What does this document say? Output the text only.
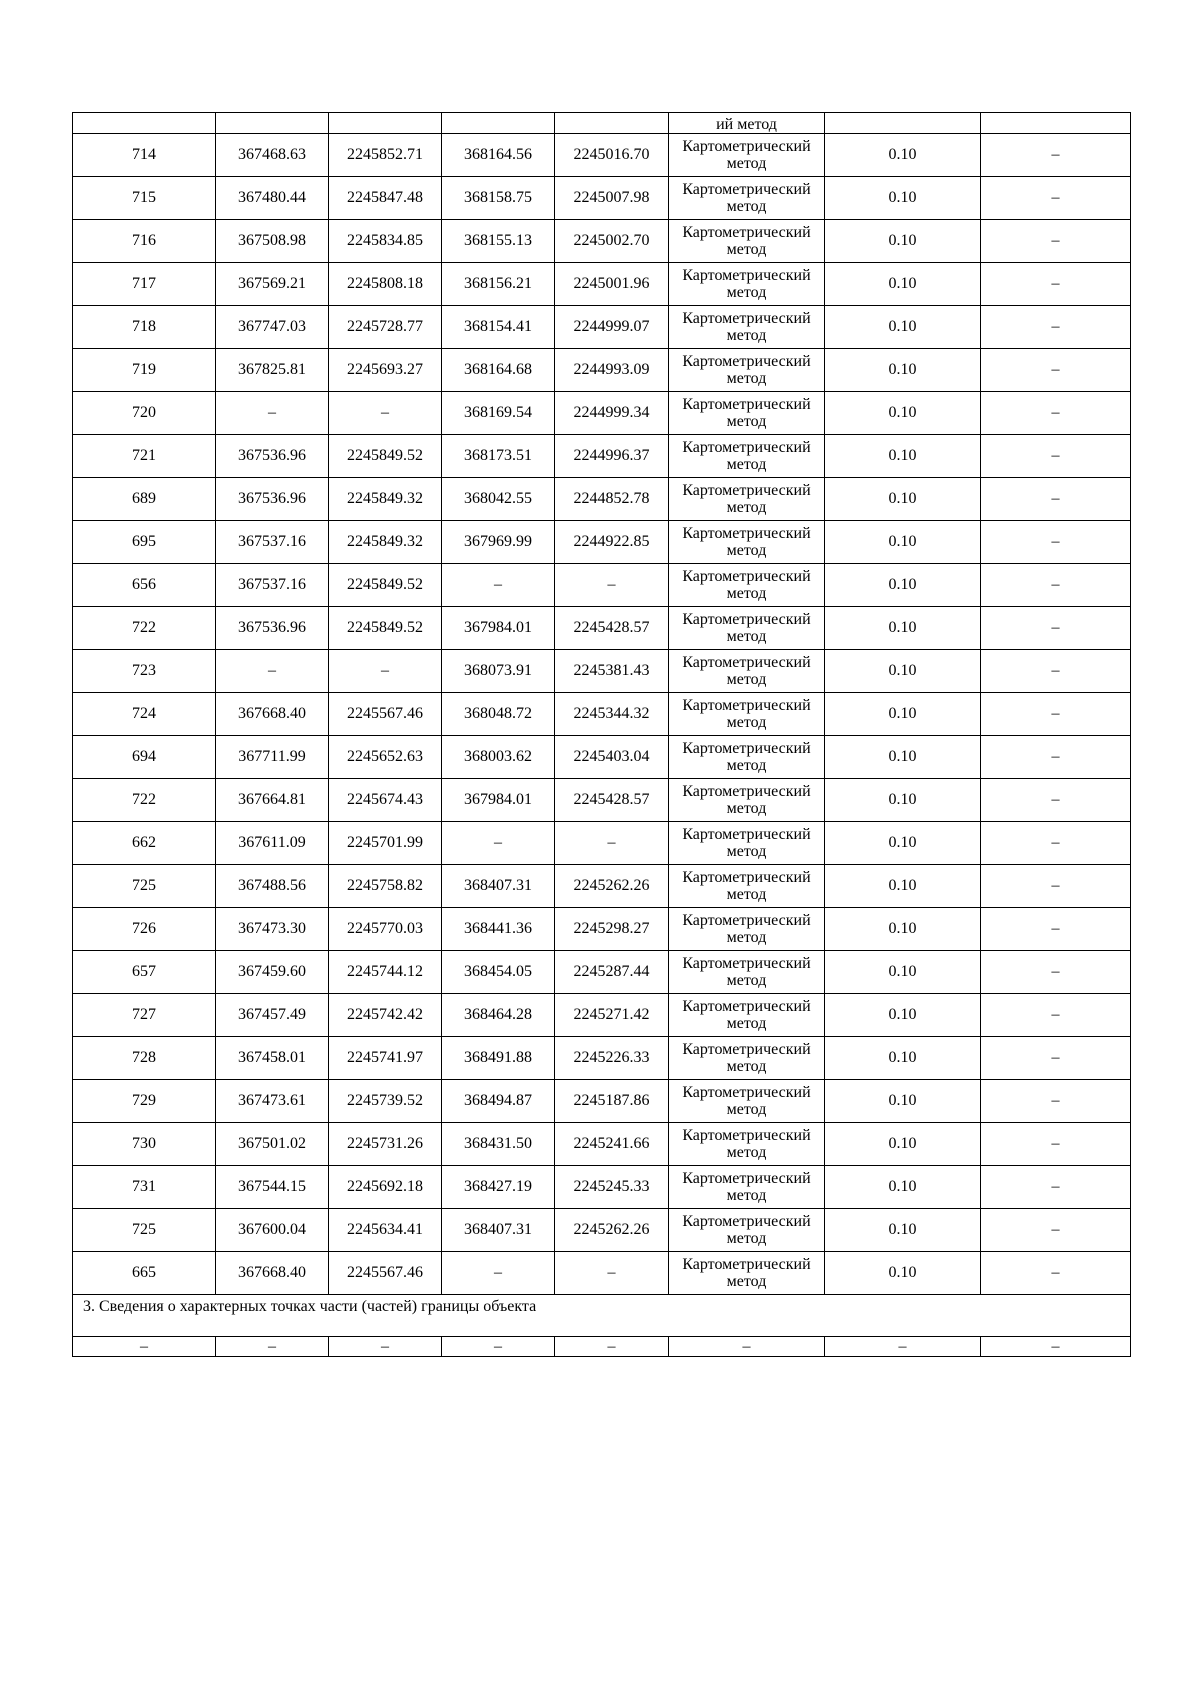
					ий метод		
714	367468.63	2245852.71	368164.56	2245016.70	Картометрический метод	0.10	–
715	367480.44	2245847.48	368158.75	2245007.98	Картометрический метод	0.10	–
716	367508.98	2245834.85	368155.13	2245002.70	Картометрический метод	0.10	–
717	367569.21	2245808.18	368156.21	2245001.96	Картометрический метод	0.10	–
718	367747.03	2245728.77	368154.41	2244999.07	Картометрический метод	0.10	–
719	367825.81	2245693.27	368164.68	2244993.09	Картометрический метод	0.10	–
720	–	–	368169.54	2244999.34	Картометрический метод	0.10	–
721	367536.96	2245849.52	368173.51	2244996.37	Картометрический метод	0.10	–
689	367536.96	2245849.32	368042.55	2244852.78	Картометрический метод	0.10	–
695	367537.16	2245849.32	367969.99	2244922.85	Картометрический метод	0.10	–
656	367537.16	2245849.52	–	–	Картометрический метод	0.10	–
722	367536.96	2245849.52	367984.01	2245428.57	Картометрический метод	0.10	–
723	–	–	368073.91	2245381.43	Картометрический метод	0.10	–
724	367668.40	2245567.46	368048.72	2245344.32	Картометрический метод	0.10	–
694	367711.99	2245652.63	368003.62	2245403.04	Картометрический метод	0.10	–
722	367664.81	2245674.43	367984.01	2245428.57	Картометрический метод	0.10	–
662	367611.09	2245701.99	–	–	Картометрический метод	0.10	–
725	367488.56	2245758.82	368407.31	2245262.26	Картометрический метод	0.10	–
726	367473.30	2245770.03	368441.36	2245298.27	Картометрический метод	0.10	–
657	367459.60	2245744.12	368454.05	2245287.44	Картометрический метод	0.10	–
727	367457.49	2245742.42	368464.28	2245271.42	Картометрический метод	0.10	–
728	367458.01	2245741.97	368491.88	2245226.33	Картометрический метод	0.10	–
729	367473.61	2245739.52	368494.87	2245187.86	Картометрический метод	0.10	–
730	367501.02	2245731.26	368431.50	2245241.66	Картометрический метод	0.10	–
731	367544.15	2245692.18	368427.19	2245245.33	Картометрический метод	0.10	–
725	367600.04	2245634.41	368407.31	2245262.26	Картометрический метод	0.10	–
665	367668.40	2245567.46	–	–	Картометрический метод	0.10	–
3. Сведения о характерных точках части (частей) границы объекта							
–	–	–	–	–	–	–	–
